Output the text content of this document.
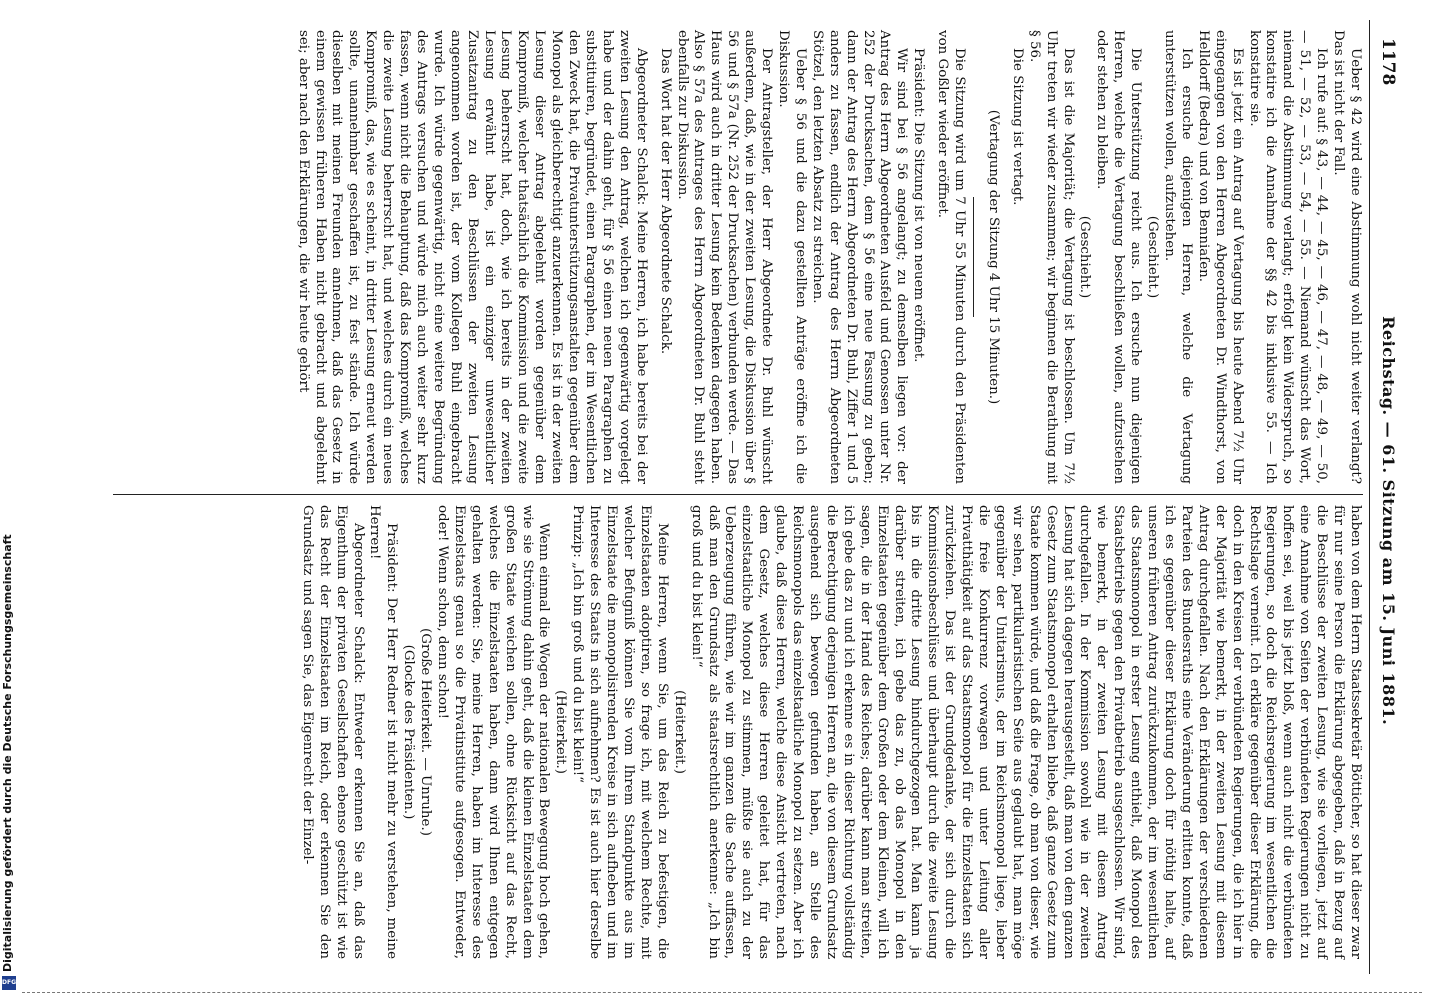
Digitalisierung gefördert durch die Deutsche Forschungsgemeinschaft
DFG
1178
Reichstag. — 61. Sitzung am 15. Juni 1881.

Ueber § 42 wird eine Abstimmung wohl nicht weiter verlangt? Das ist nicht der Fall.

Ich rufe auf: § 43, — 44, — 45, — 46, — 47, — 48, — 49, — 50, — 51, — 52, — 53, — 54, — 55. — Niemand wünscht das Wort, niemand die Abstimmung verlangt; erfolgt kein Widerspruch, so konstatire ich die Annahme der §§ 42 bis inklusive 55. — Ich konstatire sie.

Es ist jetzt ein Antrag auf Vertagung bis heute Abend 7½ Uhr eingegangen von den Herren Abgeordneten Dr. Windthorst, von Helldorff (Bedra) und von Benniaſen.

Ich ersuche diejenigen Herren, welche die Vertagung unterstützen wollen, aufzustehen.

(Geschieht.)

Die Unterstützung reicht aus. Ich ersuche nun diejenigen Herren, welche die Vertagung beschließen wollen, aufzustehen oder stehen zu bleiben.

(Geschieht.)

Das ist die Majorität; die Vertagung ist beschlossen. Um 7½ Uhr treten wir wieder zusammen; wir beginnen die Berathung mit § 56.

Die Sitzung ist vertagt.

(Vertagung der Sitzung 4 Uhr 15 Minuten.)

Die Sitzung wird um 7 Uhr 55 Minuten durch den Präsidenten von Goßler wieder eröffnet.

Präsident: Die Sitzung ist von neuem eröffnet.

Wir sind bei § 56 angelangt; zu demselben liegen vor: der Antrag des Herrn Abgeordneten Ausfeld und Genossen unter Nr. 252 der Drucksachen, dem § 56 eine neue Fassung zu geben; dann der Antrag des Herrn Abgeordneten Dr. Buhl, Ziffer 1 und 5 anders zu fassen, endlich der Antrag des Herrn Abgeordneten Stötzel, den letzten Absatz zu streichen.

Ueber § 56 und die dazu gestellten Anträge eröffne ich die Diskussion.

Der Antragsteller, der Herr Abgeordnete Dr. Buhl wünscht außerdem, daß, wie in der zweiten Lesung, die Diskussion über § 56 und § 57a (Nr. 252 der Drucksachen) verbunden werde. — Das Haus wird auch in dritter Lesung kein Bedenken dagegen haben. Also § 57a des Antrages des Herrn Abgeordneten Dr. Buhl steht ebenfalls zur Diskussion.

Das Wort hat der Herr Abgeordnete Schalck.

Abgeordneter Schalck: Meine Herren, ich habe bereits bei der zweiten Lesung den Antrag, welchen ich gegenwärtig vorgelegt habe und der dahin geht, für § 56 einen neuen Paragraphen zu substituiren, begründet, einen Paragraphen, der im Wesentlichen den Zweck hat, die Privatunterstützungsanstalten gegenüber dem Monopol als gleichberechtigt anzuerkennen. Es ist in der zweiten Lesung dieser Antrag abgelehnt worden gegenüber dem Kompromiß, welcher thatsächlich die Kommission und die zweite Lesung beherrscht hat, doch, wie ich bereits in der zweiten Lesung erwähnt habe, ist ein einziger unwesentlicher Zusatzantrag zu den Beschlüssen der zweiten Lesung angenommen worden ist, der vom Kollegen Buhl eingebracht wurde. Ich würde gegenwärtig, nicht eine weitere Begründung des Antrags versuchen und würde mich auch weiter sehr kurz fassen, wenn nicht die Behauptung, daß das Kompromiß, welches die zweite Lesung beherrscht hat, und welches durch ein neues Kompromiß, das, wie es scheint, in dritter Lesung erneut werden sollte, unannehmbar geschaffen ist, zu fest stände. Ich würde dieselben mit meinen Freunden annehmen, daß das Gesetz in einem gewissen früheren Haben nicht gebracht und abgelehnt sei; aber nach den Erklärungen, die wir heute gehört

haben von dem Herrn Staatssekretär Bötticher, so hat dieser zwar für nur seine Person die Erklärung abgegeben, daß in Bezug auf die Beschlüsse der zweiten Lesung, wie sie vorliegen, jetzt auf eine Annahme von Seiten der verbündeten Regierungen nicht zu hoffen sei, weil bis jetzt bloß, wenn auch nicht die verbündeten Regierungen, so doch die Reichsregierung im wesentlichen die Rechtslage verneint. Ich erkläre gegenüber dieser Erklärung, die doch in den Kreisen der verbündeten Regierungen, die ich hier in der Majorität wie bemerkt, in der zweiten Lesung mit diesem Antrag durchgefallen. Nach den Erklärungen der verschiedenen Parteien des Bundesraths eine Veränderung erlitten konnte, daß ich es gegenüber dieser Erklärung doch für nöthig halte, auf unseren früheren Antrag zurückzukommen, der im wesentlichen das Staatsmonopol in erster Lesung enthielt, daß Monopol des Staatsbetriebs gegen den Privatbetrieb ausgeschlossen. Wir sind, wie bemerkt, in der zweiten Lesung mit diesem Antrag durchgefallen. In der Kommission sowohl wie in der zweiten Lesung hat sich dagegen herausgestellt, daß man von dem ganzen Gesetz zum Staatsmonopol erhalten bliebe, daß ganze Gesetz zum Staate kommen würde, und daß die Frage, ob man von dieser, wie wir sehen, partikularistischen Seite aus geglaubt hat, man möge gegenüber der Unitarismus, der im Reichsmonopol liege, lieber die freie Konkurrenz vorwagen und unter Leitung aller Privatthätigkeit auf das Staatsmonopol für die Einzelstaaten sich zurückziehen. Das ist der Grundgedanke, der sich durch die Kommissionsbeschlüsse und überhaupt durch die zweite Lesung bis in die dritte Lesung hindurchgezogen hat. Man kann ja darüber streiten, ich gebe das zu, ob das Monopol in den Einzelstaaten gegenüber dem Großen oder dem Kleinen, will ich sagen, die in der Hand des Reiches; darüber kann man streiten, ich gebe das zu und ich erkenne es in dieser Richtung vollständig die Berechtigung derjenigen Herren an, die von diesem Grundsatz ausgehend sich bewogen gefunden haben, an Stelle des Reichsmonopols das einzelstaatliche Monopol zu setzen. Aber ich glaube, daß diese Herren, welche diese Ansicht vertreten, nach dem Gesetz, welches diese Herren geleitet hat, für das einzelstaatliche Monopol zu stimmen, müßte sie auch zu der Ueberzeugung führen, wie wir im ganzen die Sache auffassen, daß man den Grundsatz als staatsrechtlich anerkenne: „Ich bin groß und du bist klein!“

(Heiterkeit.)

Meine Herren, wenn Sie, um das Reich zu befestigen, die Einzelstaaten adoptiren, so frage ich, mit welchem Rechte, mit welcher Befugniß können Sie vom Ihrem Standpunkte aus im Einzelstaate die monopolisirenden Kreise in sich aufheben und im Interesse des Staats in sich aufnehmen? Es ist auch hier derselbe Prinzip: „Ich bin groß und du bist klein!“

(Heiterkeit.)

Wenn einmal die Wogen der nationalen Bewegung hoch gehen, wie sie Strömung dahin geht, daß die kleinen Einzelstaaten dem großen Staate weichen sollen, ohne Rücksicht auf das Recht, welches die Einzelstaaten haben, dann wird Ihnen entgegen gehalten werden: Sie, meine Herren, haben im Interesse des Einzelstaats genau so die Privatinstitute aufgesogen. Entweder, oder! Wenn schon, denn schon!

(Große Heiterkeit. — Unruhe.)

(Glocke des Präsidenten.)

Präsident: Der Herr Redner ist nicht mehr zu verstehen, meine Herren!

Abgeordneter Schalck: Entweder erkennen Sie an, daß das Eigenthum der privaten Gesellschaften ebenso geschützt ist wie das Recht der Einzelstaaten im Reich, oder erkennen Sie den Grundsatz und sagen Sie, das Eigenrecht der Einzel-
